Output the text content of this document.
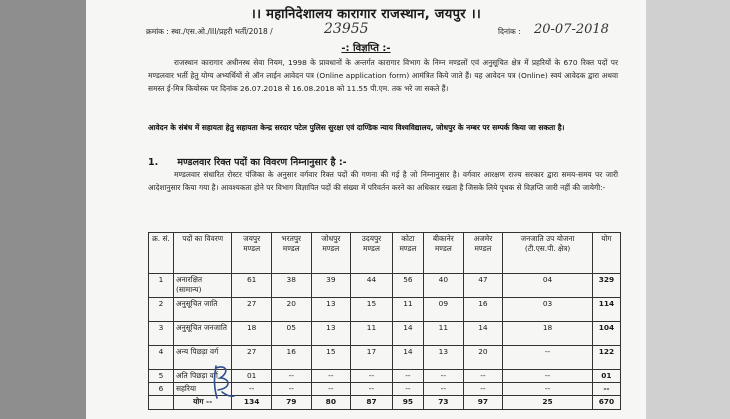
।। महानिदेशालय कारागार राजस्थान, जयपुर ।।
क्रमांक : स्था./एस.ओ./III/प्रहरी भर्ती/2018 /	23955	दिनांक : 20-07-2018
-: विज्ञप्ति :-
राजस्थान कारागार अधीनस्थ सेवा नियम, 1998 के प्रावधानों के अन्तर्गत कारागार विभाग के निम्न मण्डलों एवं अनुसूचित क्षेत्र में प्रहरियों के 670 रिक्त पदों पर मण्डलवार भर्ती हेतु योग्य अभ्यर्थियों से ऑन लाईन आवेदन पत्र (Online application form) आमंत्रित किये जाते हैं। यह आवेदन पत्र (Online) स्वयं आवेदक द्वारा अथवा समस्त ई-मित्र कियोस्क पर दिनांक 26.07.2018 से 16.08.2018 को 11.55 पी.एम. तक भरे जा सकते हैं।
आवेदन के संबंध में सहायता हेतु सहायता केन्द्र सरदार पटेल पुलिस सुरक्षा एवं दाण्डिक न्याय विश्वविद्यालय, जोधपुर के नम्बर पर सम्पर्क किया जा सकता है।
1. मण्डलवार रिक्त पदों का विवरण निम्नानुसार है :-
मण्डलवार संधारित रोस्टर पंजिका के अनुसार वर्गवार रिक्त पदों की गणना की गई है जो निम्नानुसार है। वर्गवार आरक्षण राज्य सरकार द्वारा समय-समय पर जारी आदेशानुसार किया गया है। आवश्यकता होने पर विभाग विज्ञापित पदों की संख्या में परिवर्तन करने का अधिकार रखता है जिसके लिये पृथक से विज्ञप्ति जारी नहीं की जायेगी:-
क्र. सं.	पदों का विवरण	जयपुर मण्डल	भरतपुर मण्डल	जोधपुर मण्डल	उदयपुर मण्डल	कोटा मण्डल	बीकानेर मण्डल	अजमेर मण्डल	जनजाति उप योजना (टी.एस.पी. क्षेत्र)	योग
1	अनारक्षित (सामान्य)	61	38	39	44	56	40	47	04	329
2	अनुसूचित जाति	27	20	13	15	11	09	16	03	114
3	अनुसूचित जनजाति	18	05	13	11	14	11	14	18	104
4	अन्य पिछड़ा वर्ग	27	16	15	17	14	13	20	--	122
5	अति पिछड़ा वर्ग	01	--	--	--	--	--	--	--	01
6	सहरिया	--	--	--	--	--	--	--	--	--
	योग --	134	79	80	87	95	73	97	25	670
